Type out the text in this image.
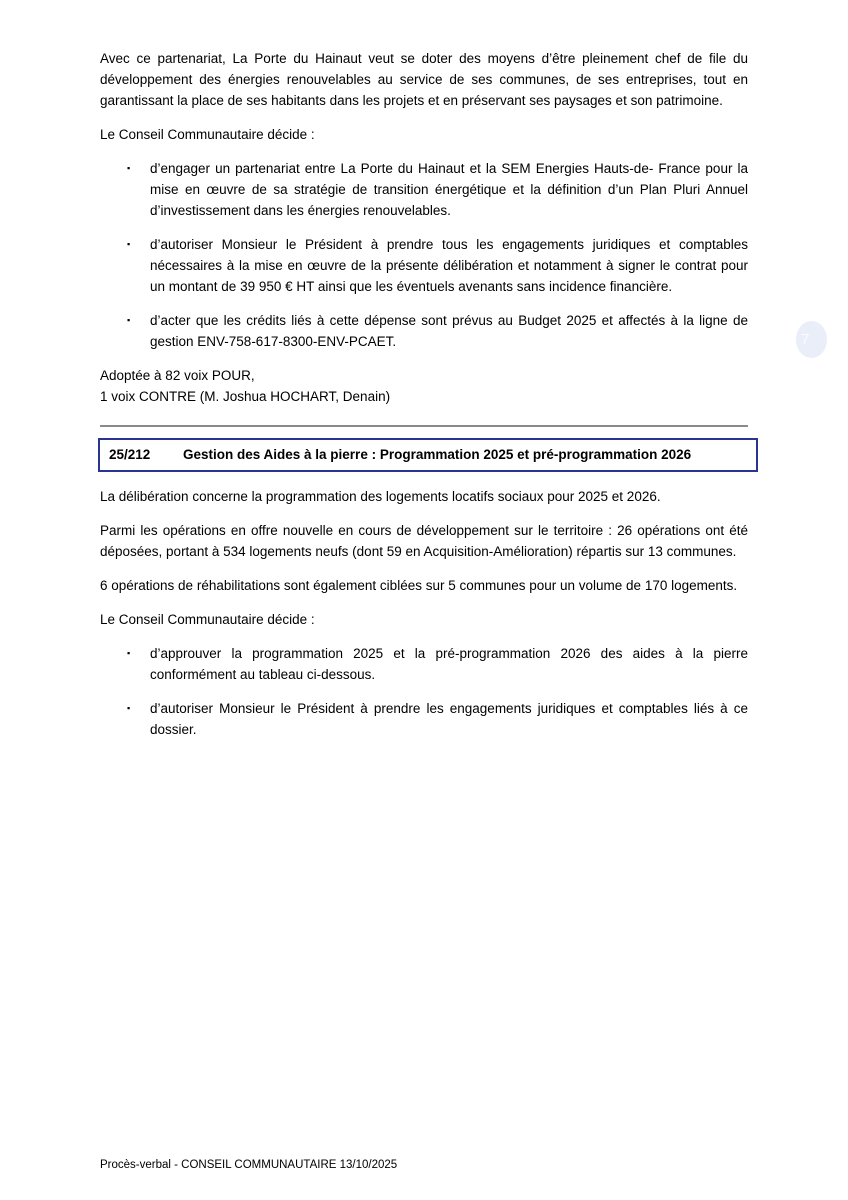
Avec ce partenariat, La Porte du Hainaut veut se doter des moyens d’être pleinement chef de file du développement des énergies renouvelables au service de ses communes, de ses entreprises, tout en garantissant la place de ses habitants dans les projets et en préservant ses paysages et son patrimoine.

Le Conseil Communautaire décide :

▪	d’engager un partenariat entre La Porte du Hainaut et la SEM Energies Hauts-de- France pour la mise en œuvre de sa stratégie de transition énergétique et la définition d’un Plan Pluri Annuel d’investissement dans les énergies renouvelables.
▪	d’autoriser Monsieur le Président à prendre tous les engagements juridiques et comptables nécessaires à la mise en œuvre de la présente délibération et notamment à signer le contrat pour un montant de 39 950 € HT ainsi que les éventuels avenants sans incidence financière.
▪	d’acter que les crédits liés à cette dépense sont prévus au Budget 2025 et affectés à la ligne de gestion ENV-758-617-8300-ENV-PCAET.

Adoptée à 82 voix POUR,

1 voix CONTRE (M. Joshua HOCHART, Denain)

25/212	Gestion des Aides à la pierre : Programmation 2025 et pré-programmation 2026

La délibération concerne la programmation des logements locatifs sociaux pour 2025 et 2026.

Parmi les opérations en offre nouvelle en cours de développement sur le territoire : 26 opérations ont été déposées, portant à 534 logements neufs (dont 59 en Acquisition-Amélioration) répartis sur 13 communes.

6 opérations de réhabilitations sont également ciblées sur 5 communes pour un volume de 170 logements.

Le Conseil Communautaire décide :

▪	d’approuver la programmation 2025 et la pré-programmation 2026 des aides à la pierre conformément au tableau ci-dessous.
▪	d’autoriser Monsieur le Président à prendre les engagements juridiques et comptables liés à ce dossier.
7
Procès-verbal - CONSEIL COMMUNAUTAIRE 13/10/2025
